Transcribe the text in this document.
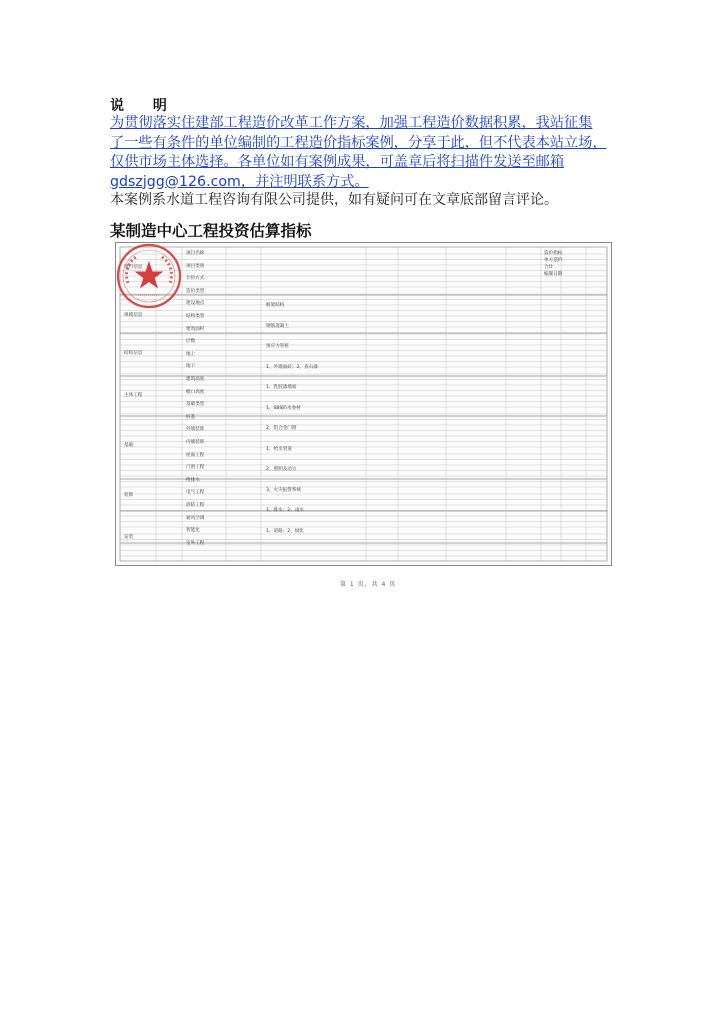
说 明
为贯彻落实住建部工程造价改革工作方案，加强工程造价数据积累，我站征集
了一些有条件的单位编制的工程造价指标案例，分享于此，但不代表本站立场，
仅供市场主体选择。各单位如有案例成果，可盖章后将扫描件发送至邮箱
gdszjgg@126.com，并注明联系方式。
本案例系水道工程咨询有限公司提供，如有疑问可在文章底部留言评论。
某制造中心工程投资估算指标
项目信息
规模信息
结构信息
主体工程
基础
装饰
安装
项目名称
项目类别
计价方式
造价类型
建设地点
结构类型
建筑面积
层数
地上
地下
建筑高度
檐口高度
基础类型
桩基
外墙装饰
内墙装饰
屋面工程
门窗工程
给排水
电气工程
消防工程
通风空调
智能化
室外工程
造价指标
单方造价
合计
编制日期
框架结构
钢筋混凝土
预应力管桩
1、外墙面砖；2、真石漆
1、乳胶漆墙面
1、SBS防水卷材
2、铝合金门窗
1、给水管道
2、照明及动力
3、火灾报警系统
1、排水；2、雨水
1、道路；2、绿化
第 1 页，共 4 页
